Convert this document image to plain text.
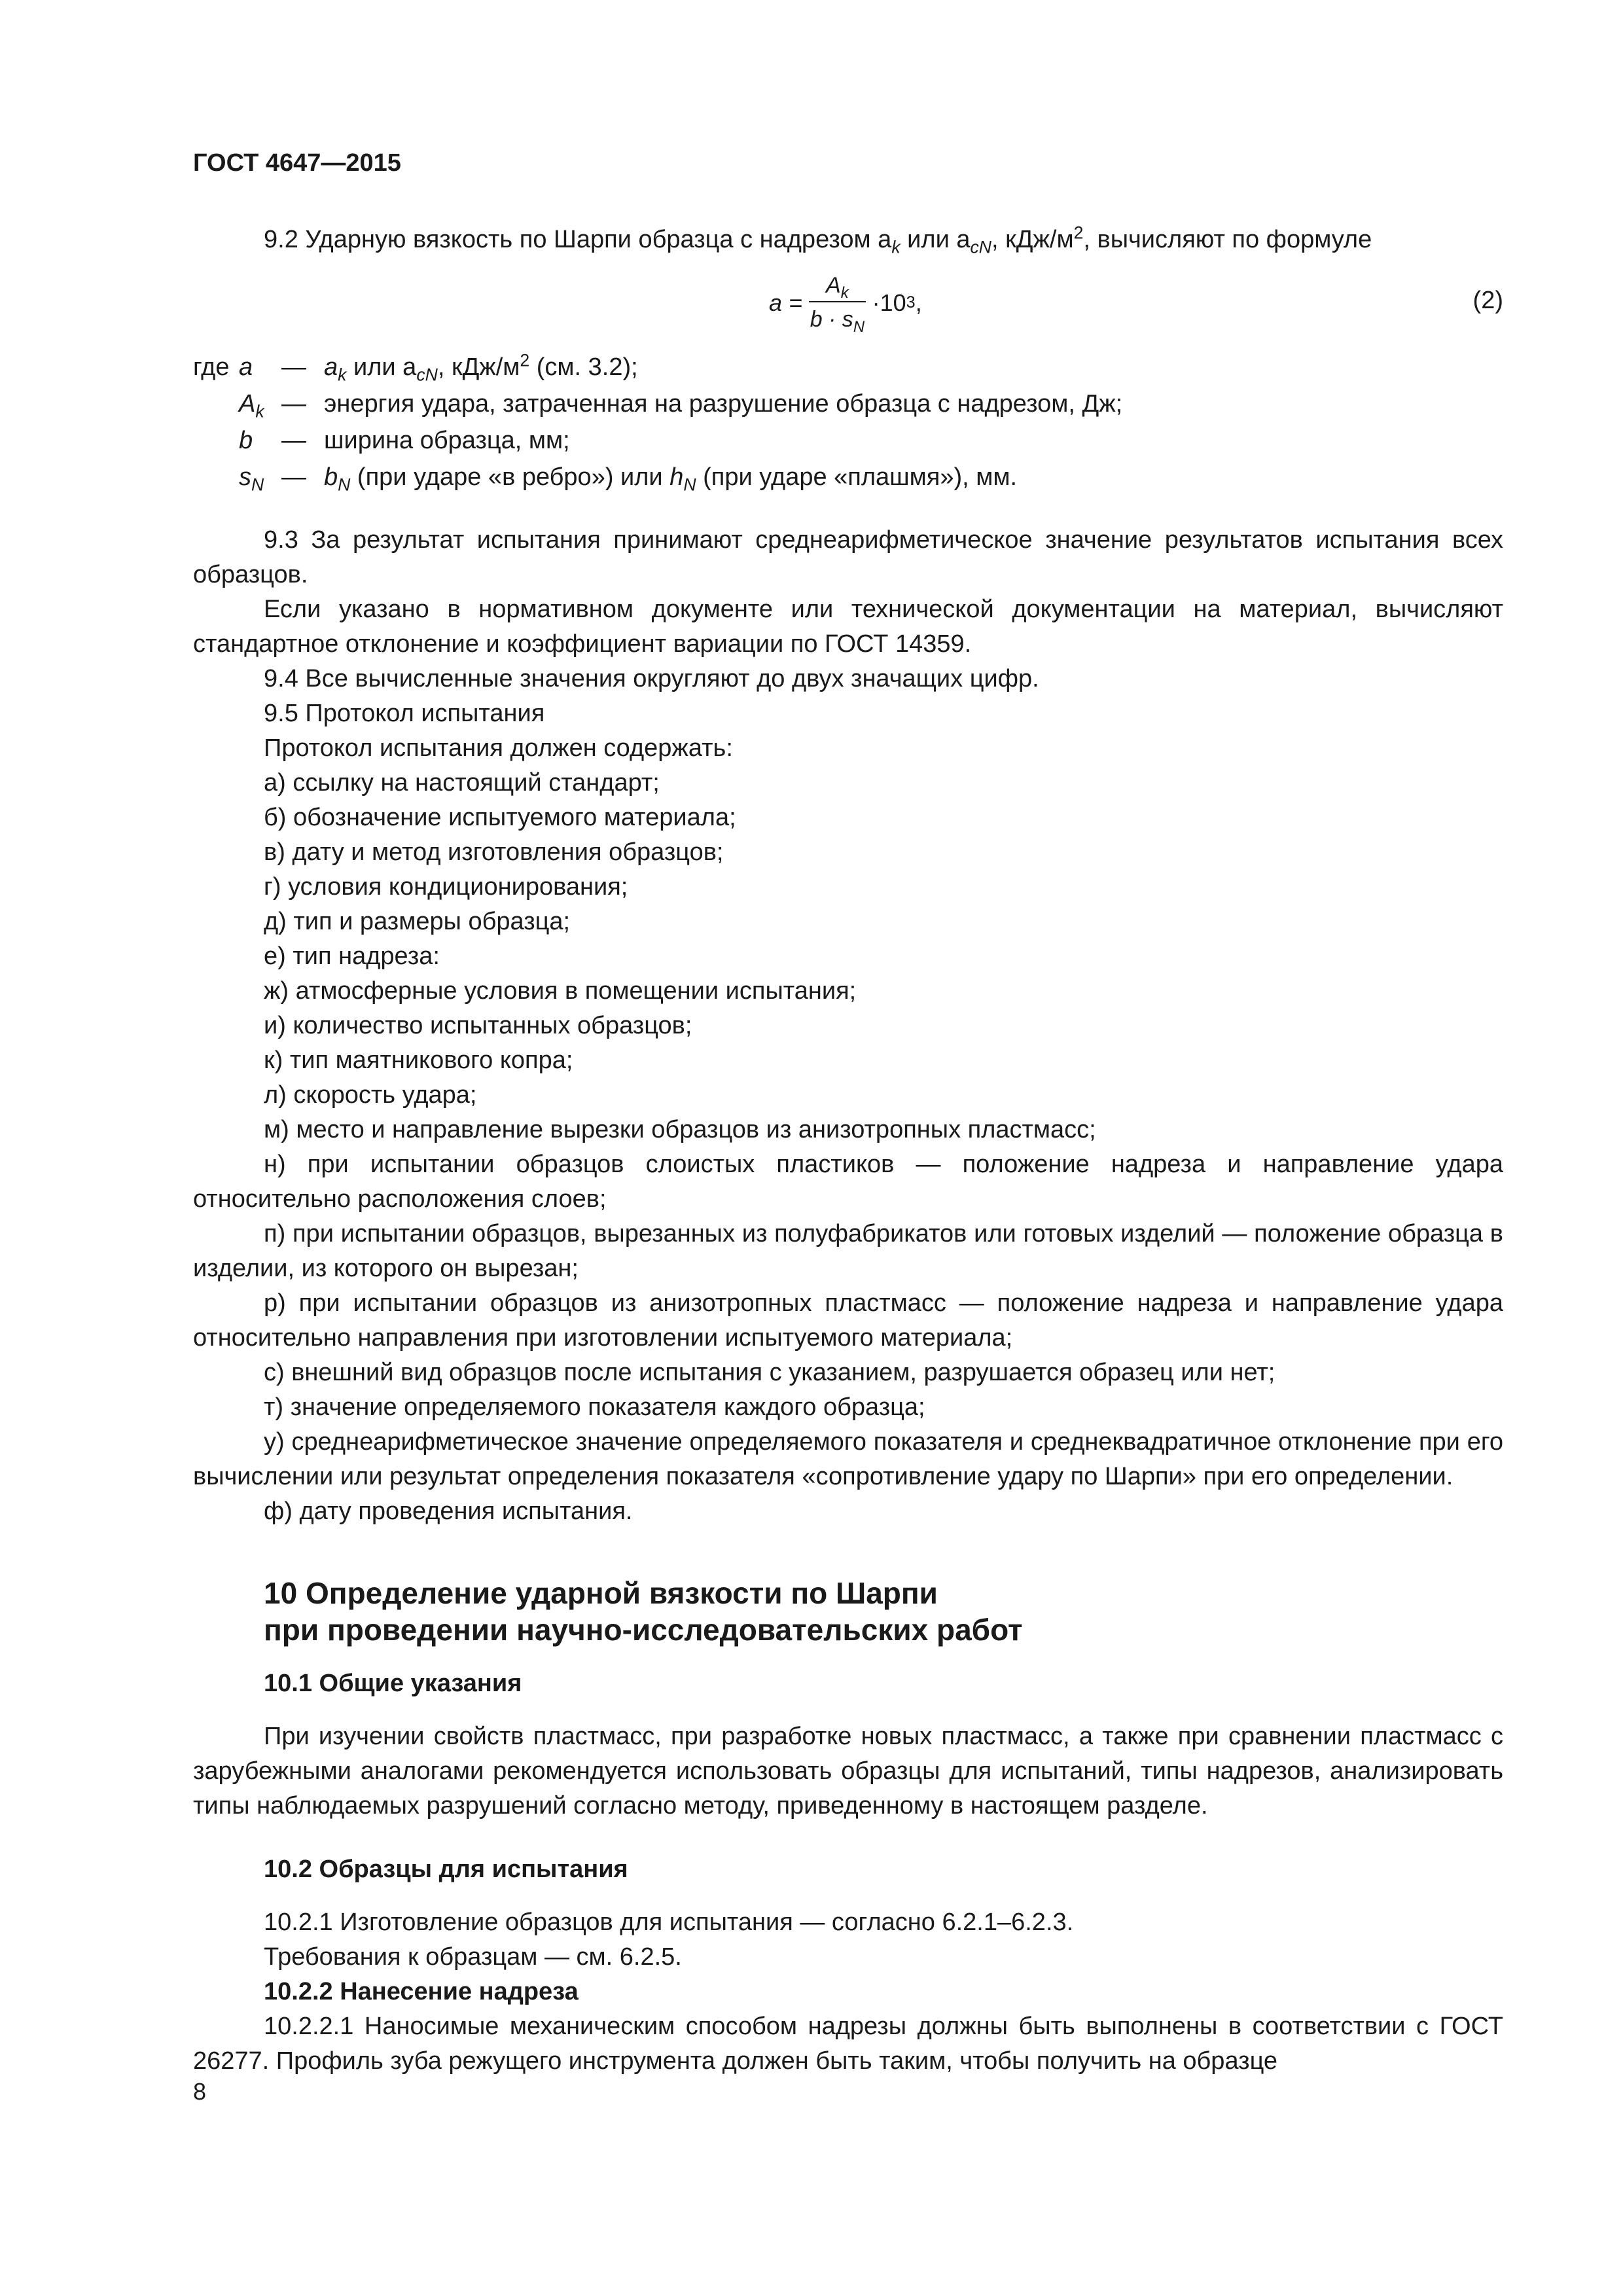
ГОСТ 4647—2015

9.2 Ударную вязкость по Шарпи образца с надрезом $a_k$ или $a_{cN}$, кДж/$м^2$, вычисляют по формуле

$a = \frac{A_k}{b \cdot s_N} \cdot 10$ 3 ,	(2)
где a — $a_k$ или $a_{cN}$, кДж/$м^2$ (см. 3.2);
$A_k$ — энергия удара, затраченная на разрушение образца с надрезом, Дж;
b — ширина образца, мм;
$s_N$ — $b_N$ (при ударе «в ребро») или $h_N$ (при ударе «плашмя»), мм.

9.3 За результат испытания принимают среднеарифметическое значение результатов испытания всех образцов.

Если указано в нормативном документе или технической документации на материал, вычисляют стандартное отклонение и коэффициент вариации по ГОСТ 14359.

9.4 Все вычисленные значения округляют до двух значащих цифр.

9.5 Протокол испытания

Протокол испытания должен содержать:

а) ссылку на настоящий стандарт;

б) обозначение испытуемого материала;

в) дату и метод изготовления образцов;

г) условия кондиционирования;

д) тип и размеры образца;

е) тип надреза:

ж) атмосферные условия в помещении испытания;

и) количество испытанных образцов;

к) тип маятникового копра;

л) скорость удара;

м) место и направление вырезки образцов из анизотропных пластмасс;

н) при испытании образцов слоистых пластиков — положение надреза и направление удара относительно расположения слоев;

п) при испытании образцов, вырезанных из полуфабрикатов или готовых изделий — положение образца в изделии, из которого он вырезан;

р) при испытании образцов из анизотропных пластмасс — положение надреза и направление удара относительно направления при изготовлении испытуемого материала;

с) внешний вид образцов после испытания с указанием, разрушается образец или нет;

т) значение определяемого показателя каждого образца;

у) среднеарифметическое значение определяемого показателя и среднеквадратичное отклонение при его вычислении или результат определения показателя «сопротивление удару по Шарпи» при его определении.

ф) дату проведения испытания.

10 Определение ударной вязкости по Шарпи
при проведении научно-исследовательских работ
10.1 Общие указания

При изучении свойств пластмасс, при разработке новых пластмасс, а также при сравнении пластмасс с зарубежными аналогами рекомендуется использовать образцы для испытаний, типы надрезов, анализировать типы наблюдаемых разрушений согласно методу, приведенному в настоящем разделе.

10.2 Образцы для испытания

10.2.1 Изготовление образцов для испытания — согласно 6.2.1–6.2.3.

Требования к образцам — см. 6.2.5.

10.2.2 Нанесение надреза

10.2.2.1 Наносимые механическим способом надрезы должны быть выполнены в соответствии с ГОСТ 26277. Профиль зуба режущего инструмента должен быть таким, чтобы получить на образце

8
